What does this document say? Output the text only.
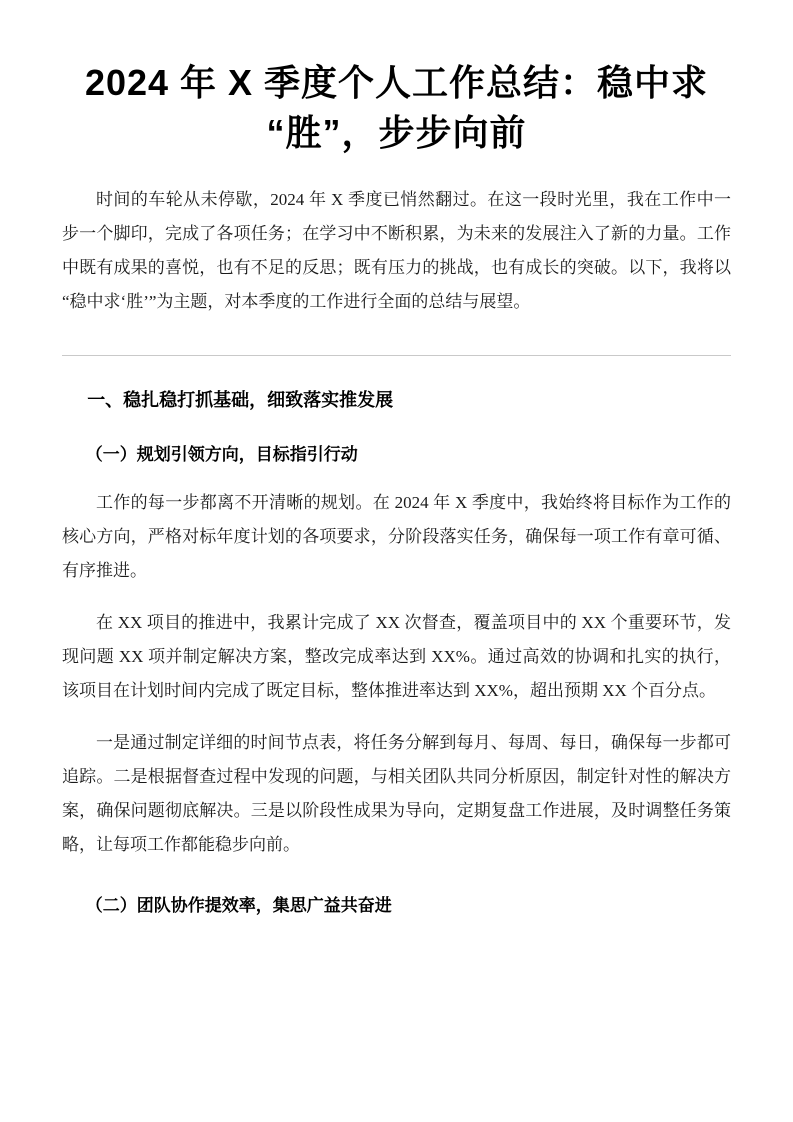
2024 年 X 季度个人工作总结：稳中求“胜”，步步向前

时间的车轮从未停歇，2024 年 X 季度已悄然翻过。在这一段时光里，我在工作中一步一个脚印，完成了各项任务；在学习中不断积累，为未来的发展注入了新的力量。工作中既有成果的喜悦，也有不足的反思；既有压力的挑战，也有成长的突破。以下，我将以“稳中求‘胜’”为主题，对本季度的工作进行全面的总结与展望。

一、稳扎稳打抓基础，细致落实推发展
（一）规划引领方向，目标指引行动

工作的每一步都离不开清晰的规划。在 2024 年 X 季度中，我始终将目标作为工作的核心方向，严格对标年度计划的各项要求，分阶段落实任务，确保每一项工作有章可循、有序推进。

在 XX 项目的推进中，我累计完成了 XX 次督查，覆盖项目中的 XX 个重要环节，发现问题 XX 项并制定解决方案，整改完成率达到 XX%。通过高效的协调和扎实的执行，该项目在计划时间内完成了既定目标，整体推进率达到 XX%，超出预期 XX 个百分点。

一是通过制定详细的时间节点表，将任务分解到每月、每周、每日，确保每一步都可追踪。二是根据督查过程中发现的问题，与相关团队共同分析原因，制定针对性的解决方案，确保问题彻底解决。三是以阶段性成果为导向，定期复盘工作进展，及时调整任务策略，让每项工作都能稳步向前。

（二）团队协作提效率，集思广益共奋进
